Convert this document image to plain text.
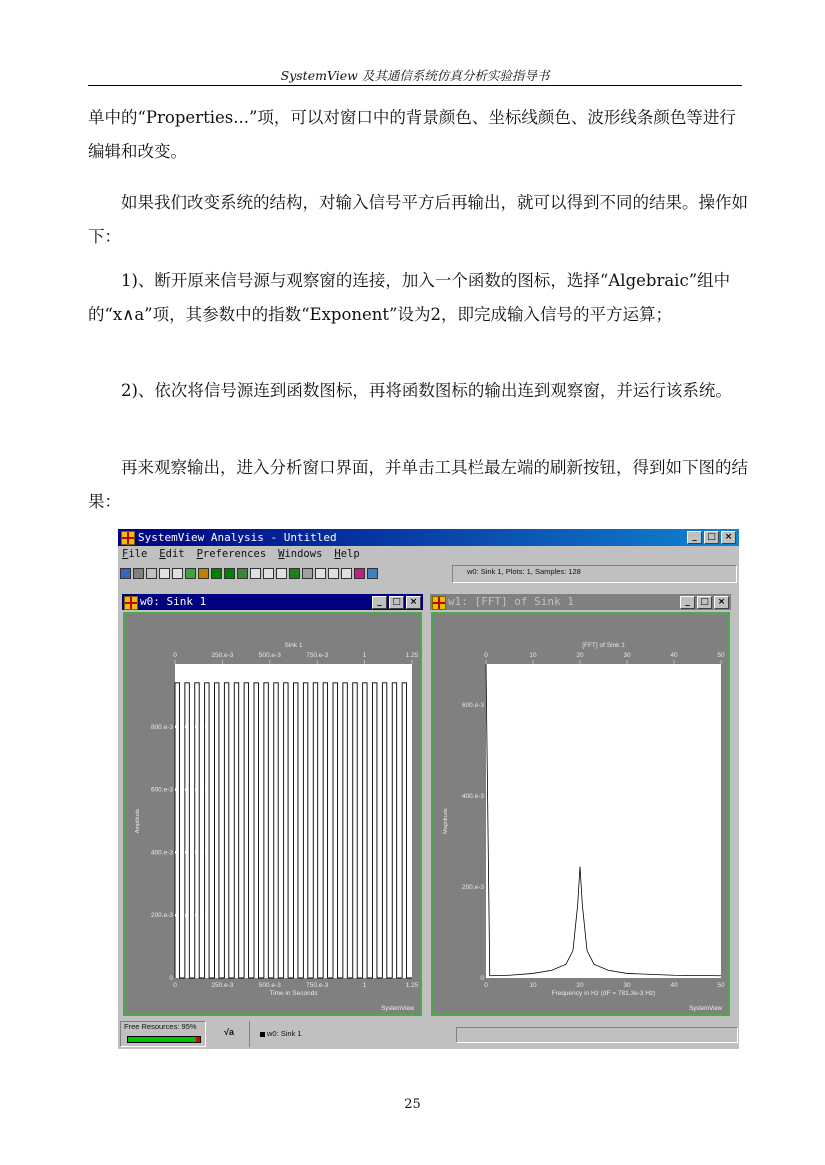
SystemView 及其通信系统仿真分析实验指导书

单中的“Properties...”项，可以对窗口中的背景颜色、坐标线颜色、波形线条颜色等进行编辑和改变。

如果我们改变系统的结构，对输入信号平方后再输出，就可以得到不同的结果。操作如下：

1)、断开原来信号源与观察窗的连接，加入一个函数的图标，选择“Algebraic”组中的“x∧a”项，其参数中的指数“Exponent”设为2，即完成输入信号的平方运算；

2)、依次将信号源连到函数图标，再将函数图标的输出连到观察窗，并运行该系统。

再来观察输出，进入分析窗口界面，并单击工具栏最左端的刷新按钮，得到如下图的结果：

SystemView Analysis - Untitled	_	□ ×
File Edit Preferences Windows Help
w0: Sink 1, Plots: 1, Samples: 128
w0: Sink 1	_	□ ×
Sink 1
0
0
250.e-3
250.e-3
500.e-3
500.e-3
750.e-3
750.e-3
1
1
1.25
1.25
0
200.e-3
400.e-3
600.e-3
800.e-3
Time in Seconds
Amplitude
SystemView
w1: [FFT] of Sink 1	_	□ ×
[FFT] of Sink 1
0
0
10
10
20
20
30
30
40
40
50
50
0
200.e-3
400.e-3
600.e-3
Frequency in Hz (dF = 781.3e-3 Hz)
Magnitude
SystemView
Free Resources: 95%
√a	w0: Sink 1
25
